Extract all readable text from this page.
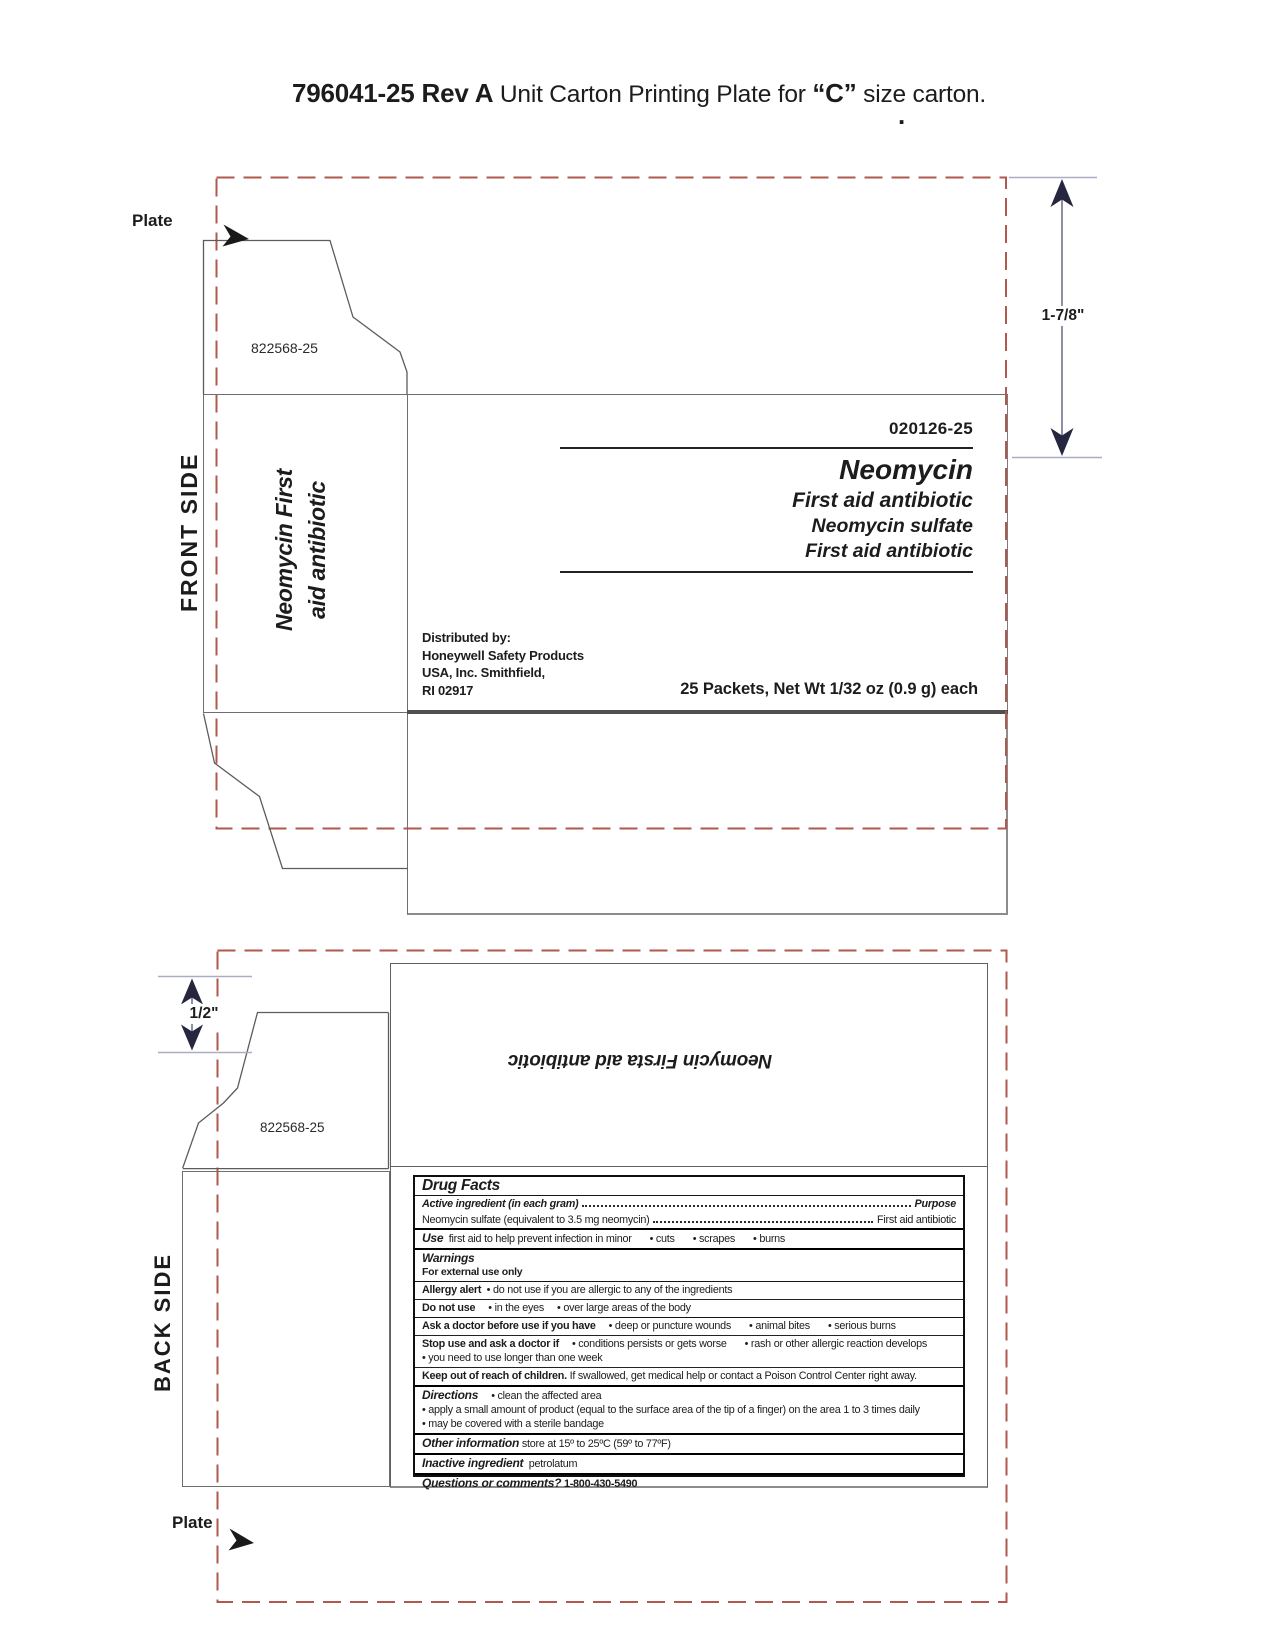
796041-25 Rev A Unit Carton Printing Plate for “C” size carton.
.
Plate
822568-25
FRONT SIDE	Neomycin First aid antibiotic
020126-25
Neomycin
First aid antibiotic
Neomycin sulfate
First aid antibiotic
Distributed by:
Honeywell Safety Products
USA, Inc. Smithfield,
RI 02917	25 Packets, Net Wt 1/32 oz (0.9 g) each
1-7/8"
1/2"
822568-25
BACK SIDE
Neomycin Firsta aid antibiotic
Plate
Drug Facts
Active ingredient (in each gram)	Purpose
Neomycin sulfate (equivalent to 3.5 mg neomycin)	First aid antibiotic
Use first aid to help prevent infection in minor • cuts • scrapes • burns
Warnings
For external use only
Allergy alert • do not use if you are allergic to any of the ingredients
Do not use • in the eyes • over large areas of the body
Ask a doctor before use if you have • deep or puncture wounds • animal bites • serious burns
Stop use and ask a doctor if • conditions persists or gets worse • rash or other allergic reaction develops
• you need to use longer than one week
Keep out of reach of children. If swallowed, get medical help or contact a Poison Control Center right away.
Directions • clean the affected area
• apply a small amount of product (equal to the surface area of the tip of a finger) on the area 1 to 3 times daily
• may be covered with a sterile bandage
Other information store at 15º to 25ºC (59º to 77ºF)
Inactive ingredient petrolatum
Questions or comments? 1-800-430-5490
